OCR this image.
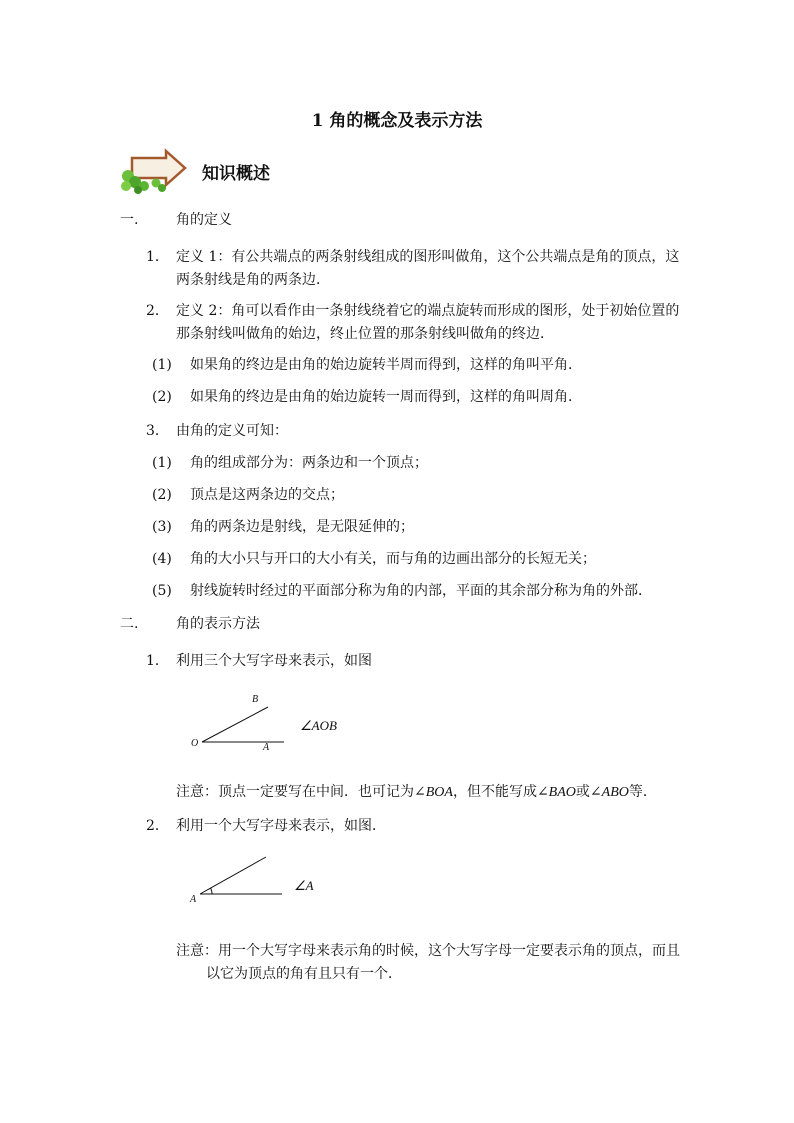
1 角的概念及表示方法
知识概述
一.	角的定义
1． 定义 1：有公共端点的两条射线组成的图形叫做角，这个公共端点是角的顶点，这
两条射线是角的两条边．
2． 定义 2：角可以看作由一条射线绕着它的端点旋转而形成的图形，处于初始位置的
那条射线叫做角的始边，终止位置的那条射线叫做角的终边．
(1) 如果角的终边是由角的始边旋转半周而得到，这样的角叫平角．
(2) 如果角的终边是由角的始边旋转一周而得到，这样的角叫周角．
3． 由角的定义可知：
(1) 角的组成部分为：两条边和一个顶点；
(2) 顶点是这两条边的交点；
(3) 角的两条边是射线，是无限延伸的；
(4) 角的大小只与开口的大小有关，而与角的边画出部分的长短无关；
(5) 射线旋转时经过的平面部分称为角的内部，平面的其余部分称为角的外部．
二.	角的表示方法
1． 利用三个大写字母来表示，如图
B
O	A
∠AOB
注意：顶点一定要写在中间．也可记为∠BOA，但不能写成∠BAO或∠ABO等．
2． 利用一个大写字母来表示，如图．
A
∠A
注意：用一个大写字母来表示角的时候，这个大写字母一定要表示角的顶点，而且
以它为顶点的角有且只有一个．
